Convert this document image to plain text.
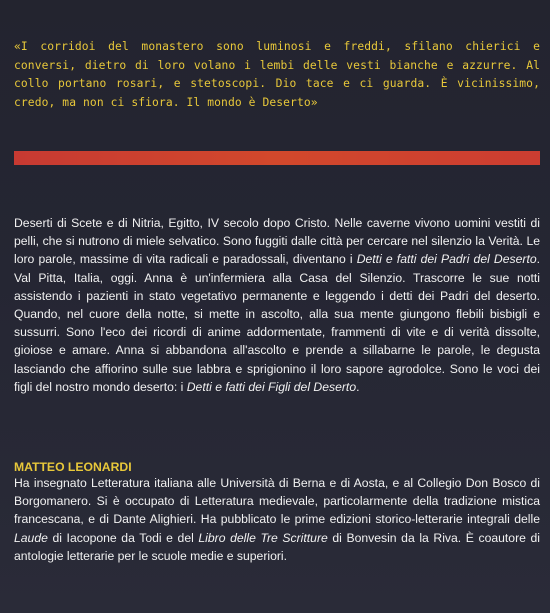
«I corridoi del monastero sono luminosi e freddi, sfilano chierici e conversi, dietro di loro volano i lembi delle vesti bianche e azzurre. Al collo portano rosari, e stetoscopi. Dio tace e ci guarda. È vicinissimo, credo, ma non ci sfiora. Il mondo è Deserto»

Deserti di Scete e di Nitria, Egitto, IV secolo dopo Cristo. Nelle caverne vivono uomini vestiti di pelli, che si nutrono di miele selvatico. Sono fuggiti dalle città per cercare nel silenzio la Verità. Le loro parole, massime di vita radicali e paradossali, diventano i Detti e fatti dei Padri del Deserto. Val Pitta, Italia, oggi. Anna è un'infermiera alla Casa del Silenzio. Trascorre le sue notti assistendo i pazienti in stato vegetativo permanente e leggendo i detti dei Padri del deserto. Quando, nel cuore della notte, si mette in ascolto, alla sua mente giungono flebili bisbigli e sussurri. Sono l'eco dei ricordi di anime addormentate, frammenti di vite e di verità dissolte, gioiose e amare. Anna si abbandona all'ascolto e prende a sillabarne le parole, le degusta lasciando che affiorino sulle sue labbra e sprigionino il loro sapore agrodolce. Sono le voci dei figli del nostro mondo deserto: i Detti e fatti dei Figli del Deserto.

MATTEO LEONARDI

Ha insegnato Letteratura italiana alle Università di Berna e di Aosta, e al Collegio Don Bosco di Borgomanero. Si è occupato di Letteratura medievale, particolarmente della tradizione mistica francescana, e di Dante Alighieri. Ha pubblicato le prime edizioni storico-letterarie integrali delle Laude di Iacopone da Todi e del Libro delle Tre Scritture di Bonvesin da la Riva. È coautore di antologie letterarie per le scuole medie e superiori.
